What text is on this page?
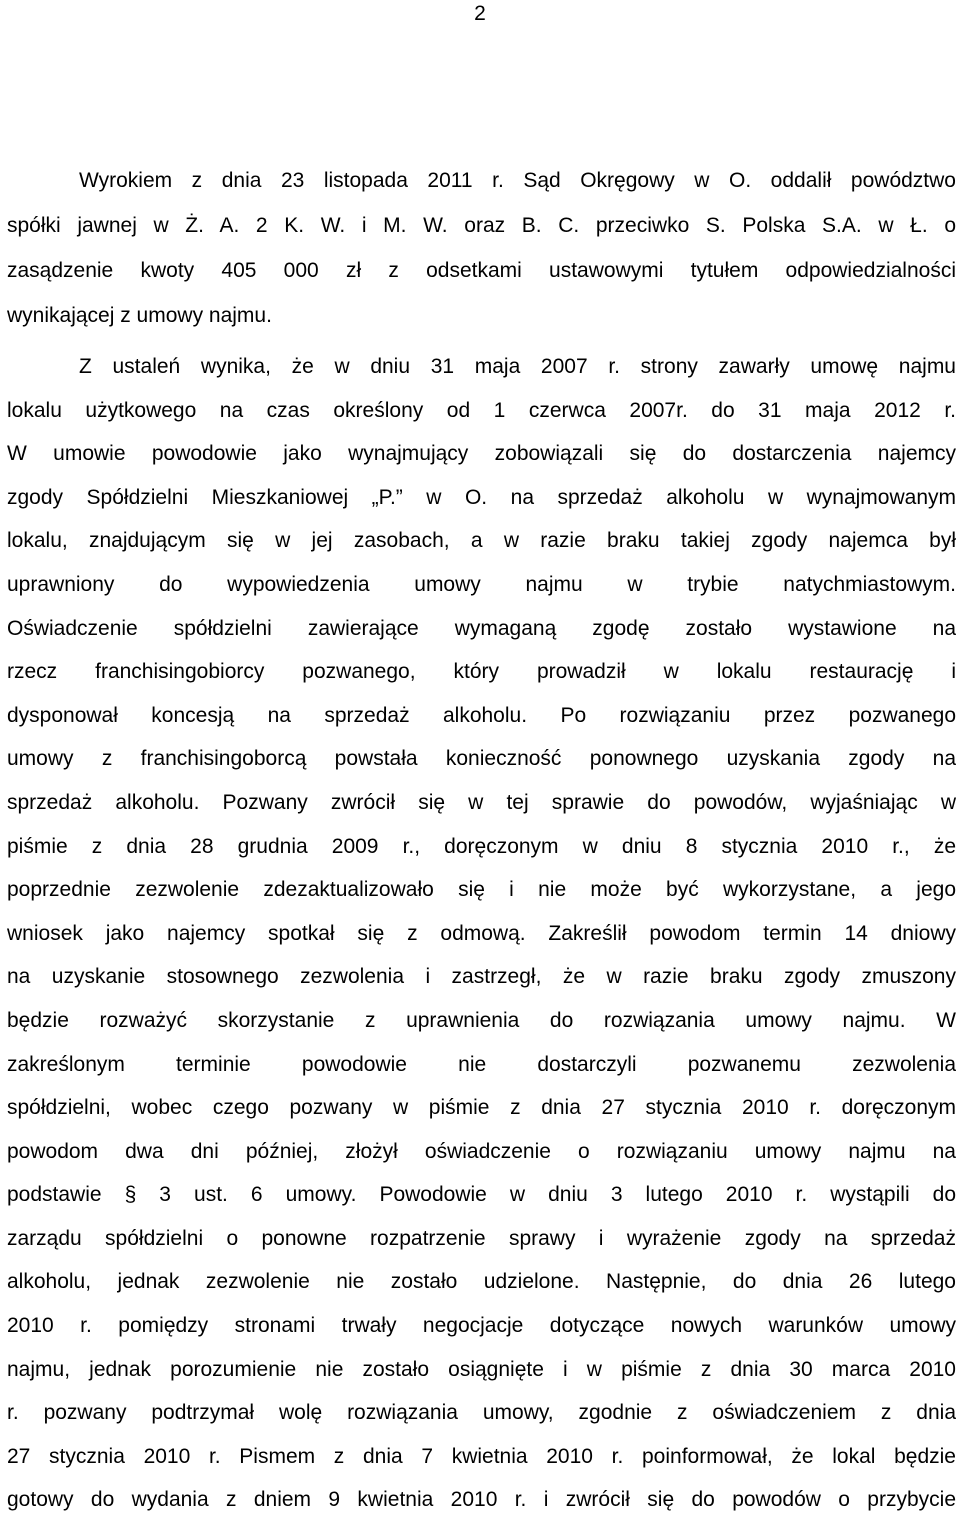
2
Wyrokiem z dnia 23 listopada 2011 r. Sąd Okręgowy w O. oddalił powództwo
spółki jawnej w Ż. A. 2 K. W. i M. W. oraz B. C. przeciwko S. Polska S.A. w Ł. o
zasądzenie kwoty 405 000 zł z odsetkami ustawowymi tytułem odpowiedzialności
wynikającej z umowy najmu.
Z ustaleń wynika, że w dniu 31 maja 2007 r. strony zawarły umowę najmu
lokalu użytkowego na czas określony od 1 czerwca 2007r. do 31 maja 2012 r.
W umowie powodowie jako wynajmujący zobowiązali się do dostarczenia najemcy
zgody Spółdzielni Mieszkaniowej „P.” w O. na sprzedaż alkoholu w wynajmowanym
lokalu, znajdującym się w jej zasobach, a w razie braku takiej zgody najemca był
uprawniony do wypowiedzenia umowy najmu w trybie natychmiastowym.
Oświadczenie spółdzielni zawierające wymaganą zgodę zostało wystawione na
rzecz franchisingobiorcy pozwanego, który prowadził w lokalu restaurację i
dysponował koncesją na sprzedaż alkoholu. Po rozwiązaniu przez pozwanego
umowy z franchisingoborcą powstała konieczność ponownego uzyskania zgody na
sprzedaż alkoholu. Pozwany zwrócił się w tej sprawie do powodów, wyjaśniając w
piśmie z dnia 28 grudnia 2009 r., doręczonym w dniu 8 stycznia 2010 r., że
poprzednie zezwolenie zdezaktualizowało się i nie może być wykorzystane, a jego
wniosek jako najemcy spotkał się z odmową. Zakreślił powodom termin 14 dniowy
na uzyskanie stosownego zezwolenia i zastrzegł, że w razie braku zgody zmuszony
będzie rozważyć skorzystanie z uprawnienia do rozwiązania umowy najmu. W
zakreślonym terminie powodowie nie dostarczyli pozwanemu zezwolenia
spółdzielni, wobec czego pozwany w piśmie z dnia 27 stycznia 2010 r. doręczonym
powodom dwa dni później, złożył oświadczenie o rozwiązaniu umowy najmu na
podstawie § 3 ust. 6 umowy. Powodowie w dniu 3 lutego 2010 r. wystąpili do
zarządu spółdzielni o ponowne rozpatrzenie sprawy i wyrażenie zgody na sprzedaż
alkoholu, jednak zezwolenie nie zostało udzielone. Następnie, do dnia 26 lutego
2010 r. pomiędzy stronami trwały negocjacje dotyczące nowych warunków umowy
najmu, jednak porozumienie nie zostało osiągnięte i w piśmie z dnia 30 marca 2010
r. pozwany podtrzymał wolę rozwiązania umowy, zgodnie z oświadczeniem z dnia
27 stycznia 2010 r. Pismem z dnia 7 kwietnia 2010 r. poinformował, że lokal będzie
gotowy do wydania z dniem 9 kwietnia 2010 r. i zwrócił się do powodów o przybycie
